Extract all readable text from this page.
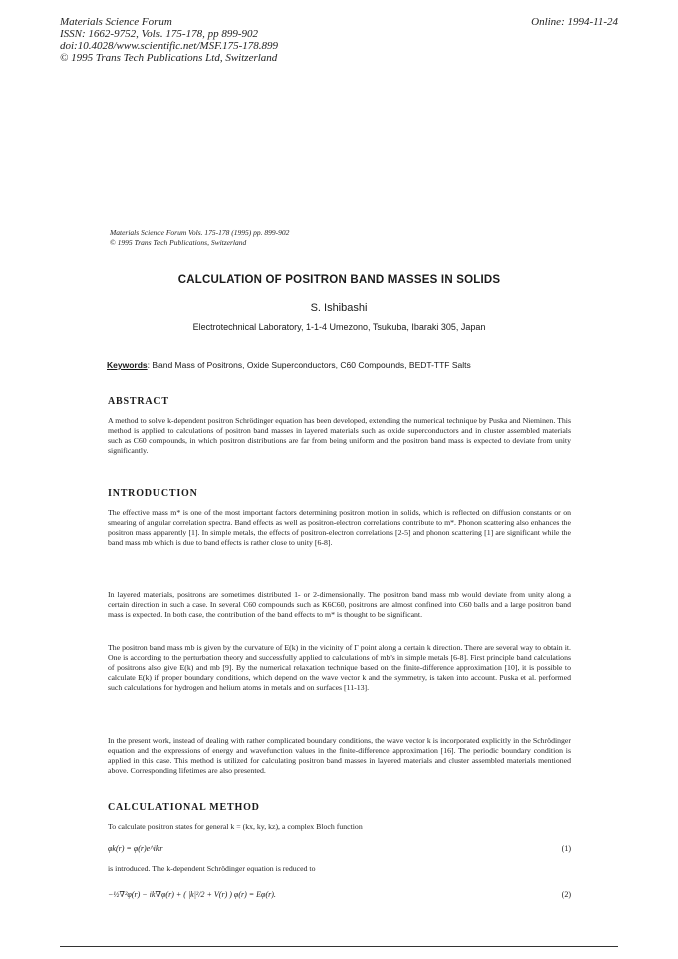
Materials Science Forum
ISSN: 1662-9752, Vols. 175-178, pp 899-902
doi:10.4028/www.scientific.net/MSF.175-178.899
© 1995 Trans Tech Publications Ltd, Switzerland
Online: 1994-11-24
Materials Science Forum Vols. 175-178 (1995) pp. 899-902
© 1995 Trans Tech Publications, Switzerland
CALCULATION OF POSITRON BAND MASSES IN SOLIDS
S. Ishibashi
Electrotechnical Laboratory, 1-1-4 Umezono, Tsukuba, Ibaraki 305, Japan
Keywords: Band Mass of Positrons, Oxide Superconductors, C60 Compounds, BEDT-TTF Salts
ABSTRACT

A method to solve k-dependent positron Schrödinger equation has been developed, extending the numerical technique by Puska and Nieminen. This method is applied to calculations of positron band masses in layered materials such as oxide superconductors and in cluster assembled materials such as C60 compounds, in which positron distributions are far from being uniform and the positron band mass is expected to deviate from unity significantly.

INTRODUCTION

The effective mass m* is one of the most important factors determining positron motion in solids, which is reflected on diffusion constants or on smearing of angular correlation spectra. Band effects as well as positron-electron correlations contribute to m*. Phonon scattering also enhances the positron mass apparently [1]. In simple metals, the effects of positron-electron correlations [2-5] and phonon scattering [1] are significant while the band mass mb which is due to band effects is rather close to unity [6-8].

In layered materials, positrons are sometimes distributed 1- or 2-dimensionally. The positron band mass mb would deviate from unity along a certain direction in such a case. In several C60 compounds such as K6C60, positrons are almost confined into C60 balls and a large positron band mass is expected. In both case, the contribution of the band effects to m* is thought to be significant.

The positron band mass mb is given by the curvature of E(k) in the vicinity of Γ point along a certain k direction. There are several way to obtain it. One is according to the perturbation theory and successfully applied to calculations of mb's in simple metals [6-8]. First principle band calculations of positrons also give E(k) and mb [9]. By the numerical relaxation technique based on the finite-difference approximation [10], it is possible to calculate E(k) if proper boundary conditions, which depend on the wave vector k and the symmetry, is taken into account. Puska et al. performed such calculations for hydrogen and helium atoms in metals and on surfaces [11-13].

In the present work, instead of dealing with rather complicated boundary conditions, the wave vector k is incorporated explicitly in the Schrödinger equation and the expressions of energy and wavefunction values in the finite-difference approximation [16]. The periodic boundary condition is applied in this case. This method is utilized for calculating positron band masses in layered materials and cluster assembled materials mentioned above. Corresponding lifetimes are also presented.

CALCULATIONAL METHOD

To calculate positron states for general k = (kx, ky, kz), a complex Bloch function

φk(r) = φ(r)e^ikr	(1)

is introduced. The k-dependent Schrödinger equation is reduced to

−½∇²φ(r) − ik∇φ(r) + ( |k|²/2 + V(r) ) φ(r) = Eφ(r).	(2)
